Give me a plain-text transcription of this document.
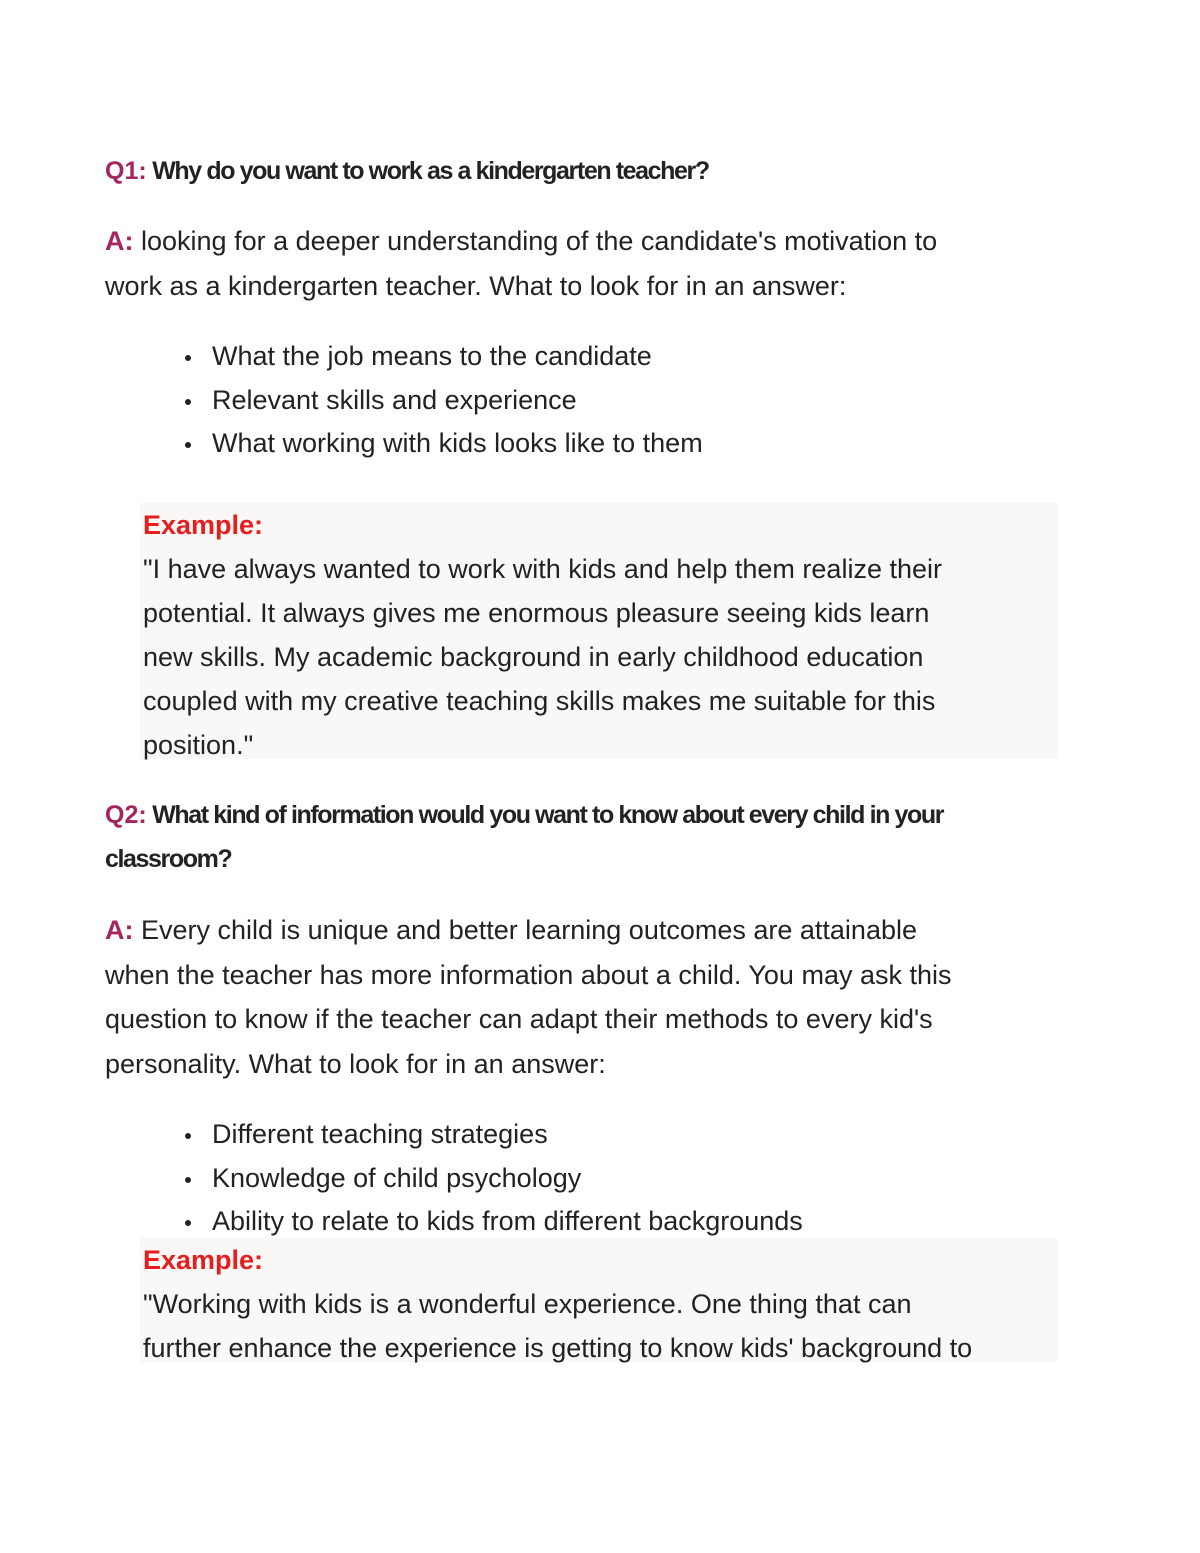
Q1: Why do you want to work as a kindergarten teacher?
A: looking for a deeper understanding of the candidate's motivation to
work as a kindergarten teacher. What to look for in an answer:
What the job means to the candidate
Relevant skills and experience
What working with kids looks like to them
Example:
"I have always wanted to work with kids and help them realize their
potential. It always gives me enormous pleasure seeing kids learn
new skills. My academic background in early childhood education
coupled with my creative teaching skills makes me suitable for this
position."
Q2: What kind of information would you want to know about every child in your
classroom?
A: Every child is unique and better learning outcomes are attainable
when the teacher has more information about a child. You may ask this
question to know if the teacher can adapt their methods to every kid's
personality. What to look for in an answer:
Different teaching strategies
Knowledge of child psychology
Ability to relate to kids from different backgrounds
Example:
"Working with kids is a wonderful experience. One thing that can
further enhance the experience is getting to know kids' background to
